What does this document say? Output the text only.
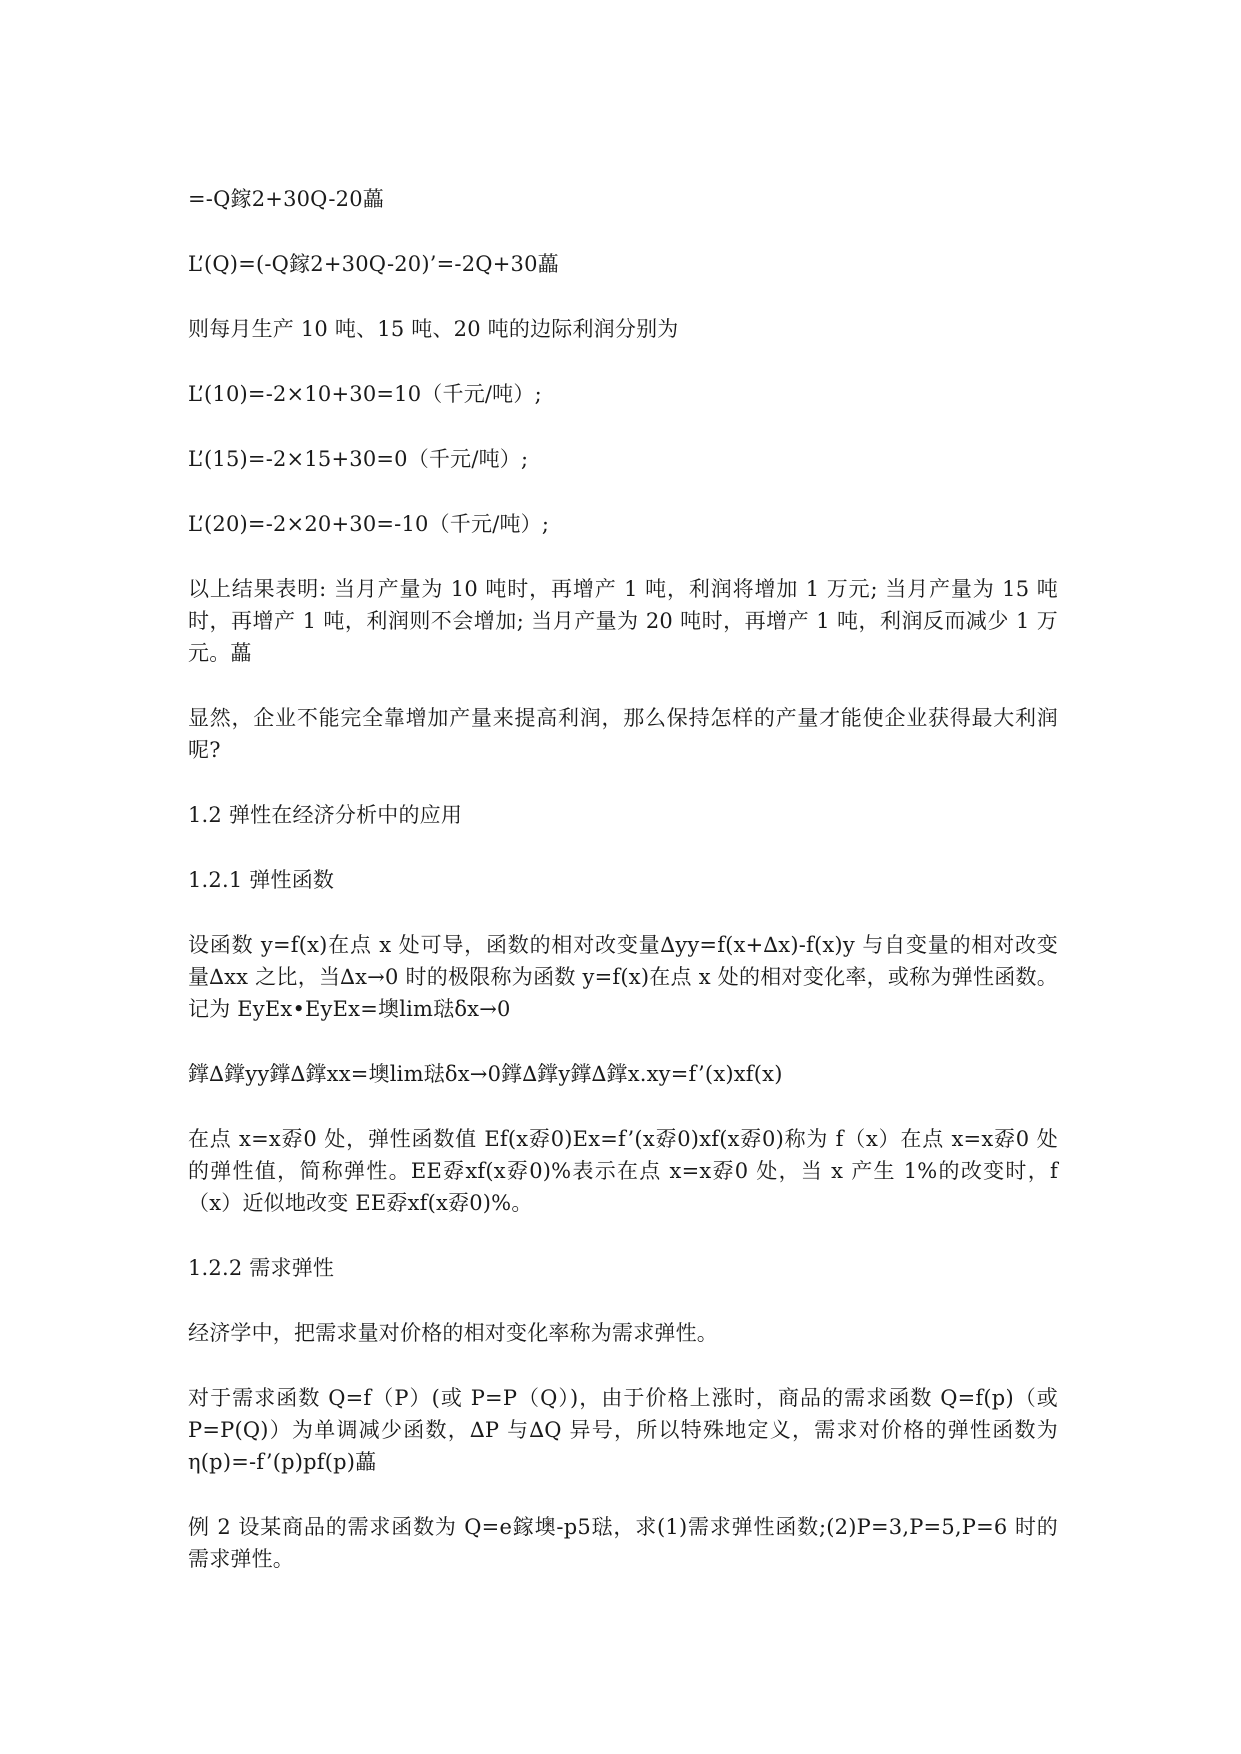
=-Q鎵2+30Q-20藟

L’(Q)=(-Q鎵2+30Q-20)’=-2Q+30藟

则每月生产 10 吨、15 吨、20 吨的边际利润分别为

L’(10)=-2×10+30=10（千元/吨）;

L’(15)=-2×15+30=0（千元/吨）;

L’(20)=-2×20+30=-10（千元/吨）;

以上结果表明: 当月产量为 10 吨时，再增产 1 吨，利润将增加 1 万元; 当月产量为 15 吨时，再增产 1 吨，利润则不会增加; 当月产量为 20 吨时，再增产 1 吨，利润反而减少 1 万元。藟

显然，企业不能完全靠增加产量来提高利润，那么保持怎样的产量才能使企业获得最大利润呢?

1.2 弹性在经济分析中的应用

1.2.1 弹性函数

设函数 y=f(x)在点 x 处可导，函数的相对改变量∆yy=f(x+∆x)-f(x)y 与自变量的相对改变量∆xx 之比，当∆x→0 时的极限称为函数 y=f(x)在点 x 处的相对变化率，或称为弹性函数。记为 EyEx•EyEx=墺lim琺δx→0

鐣∆鐣yy鐣∆鐣xx=墺lim琺δx→0鐣∆鐣y鐣∆鐣x.xy=f’(x)xf(x)

在点 x=x孬0 处，弹性函数值 Ef(x孬0)Ex=f’(x孬0)xf(x孬0)称为 f（x）在点 x=x孬0 处的弹性值，简称弹性。EE孬xf(x孬0)%表示在点 x=x孬0 处，当 x 产生 1%的改变时，f（x）近似地改变 EE孬xf(x孬0)%。

1.2.2 需求弹性

经济学中，把需求量对价格的相对变化率称为需求弹性。

对于需求函数 Q=f（P）(或 P=P（Q）)，由于价格上涨时，商品的需求函数 Q=f(p)（或 P=P(Q)）为单调减少函数，∆P 与∆Q 异号，所以特殊地定义，需求对价格的弹性函数为η(p)=-f’(p)pf(p)藟

例 2 设某商品的需求函数为 Q=e鎵墺-p5琺，求(1)需求弹性函数;(2)P=3,P=5,P=6 时的需求弹性。
